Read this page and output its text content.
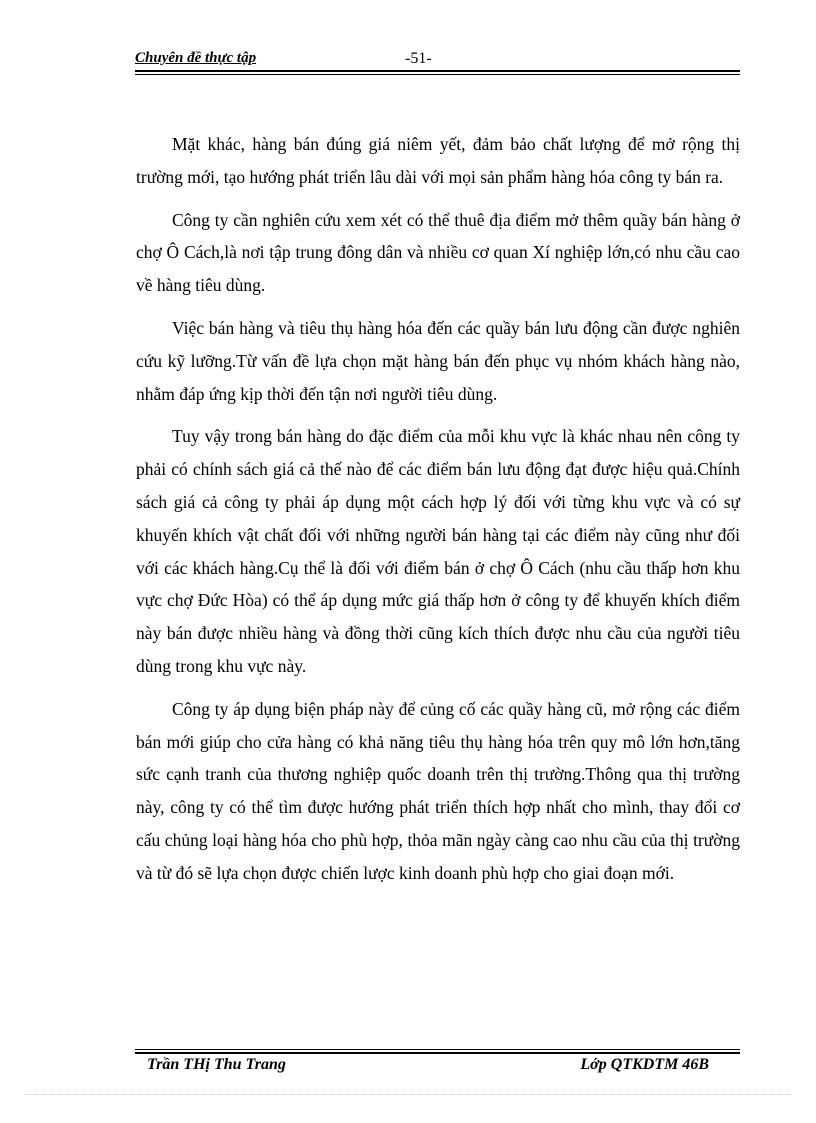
Chuyên đề thực tập	-51-

Mặt khác, hàng bán đúng giá niêm yết, đảm bảo chất lượng để mở rộng thị trường mới, tạo hướng phát triển lâu dài với mọi sản phẩm hàng hóa công ty bán ra.

Công ty cần nghiên cứu xem xét có thể thuê địa điểm mở thêm quầy bán hàng ở chợ Ô Cách,là nơi tập trung đông dân và nhiều cơ quan Xí nghiệp lớn,có nhu cầu cao về hàng tiêu dùng.

Việc bán hàng và tiêu thụ hàng hóa đến các quầy bán lưu động cần được nghiên cứu kỹ lưỡng.Từ vấn đề lựa chọn mặt hàng bán đến phục vụ nhóm khách hàng nào, nhằm đáp ứng kịp thời đến tận nơi người tiêu dùng.

Tuy vậy trong bán hàng do đặc điểm của mỗi khu vực là khác nhau nên công ty phải có chính sách giá cả thế nào để các điểm bán lưu động đạt được hiệu quả.Chính sách giá cả công ty phải áp dụng một cách hợp lý đối với từng khu vực và có sự khuyến khích vật chất đối với những người bán hàng tại các điểm này cũng như đối với các khách hàng.Cụ thể là đối với điểm bán ở chợ Ô Cách (nhu cầu thấp hơn khu vực chợ Đức Hòa) có thể áp dụng mức giá thấp hơn ở công ty để khuyến khích điểm này bán được nhiều hàng và đồng thời cũng kích thích được nhu cầu của người tiêu dùng trong khu vực này.

Công ty áp dụng biện pháp này để củng cố các quầy hàng cũ, mở rộng các điểm bán mới giúp cho cửa hàng có khả năng tiêu thụ hàng hóa trên quy mô lớn hơn,tăng sức cạnh tranh của thương nghiệp quốc doanh trên thị trường.Thông qua thị trường này, công ty có thể tìm được hướng phát triển thích hợp nhất cho mình, thay đổi cơ cấu chủng loại hàng hóa cho phù hợp, thỏa mãn ngày càng cao nhu cầu của thị trường và từ đó sẽ lựa chọn được chiến lược kinh doanh phù hợp cho giai đoạn mới.

Trần THị Thu Trang	Lớp QTKDTM 46B
